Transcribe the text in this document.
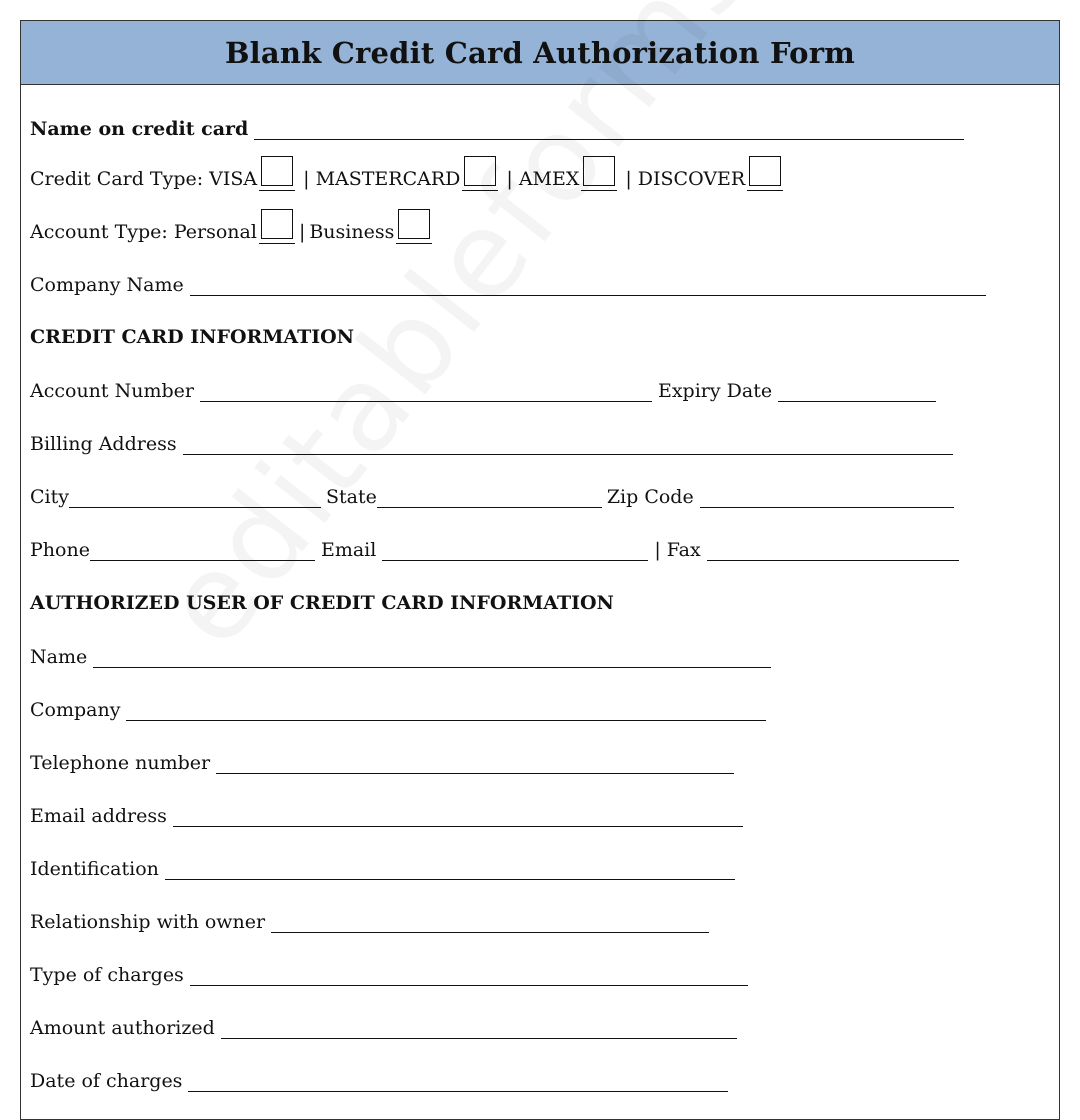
Blank Credit Card Authorization Form
Name on credit card
Credit Card Type: VISA | MASTERCARD | AMEX | DISCOVER
Account Type: Personal | Business
Company Name
CREDIT CARD INFORMATION
Account Number	Expiry Date
Billing Address
City	State	Zip Code
Phone	Email	| Fax
AUTHORIZED USER OF CREDIT CARD INFORMATION
Name
Company
Telephone number
Email address
Identification
Relationship with owner
Type of charges
Amount authorized
Date of charges
